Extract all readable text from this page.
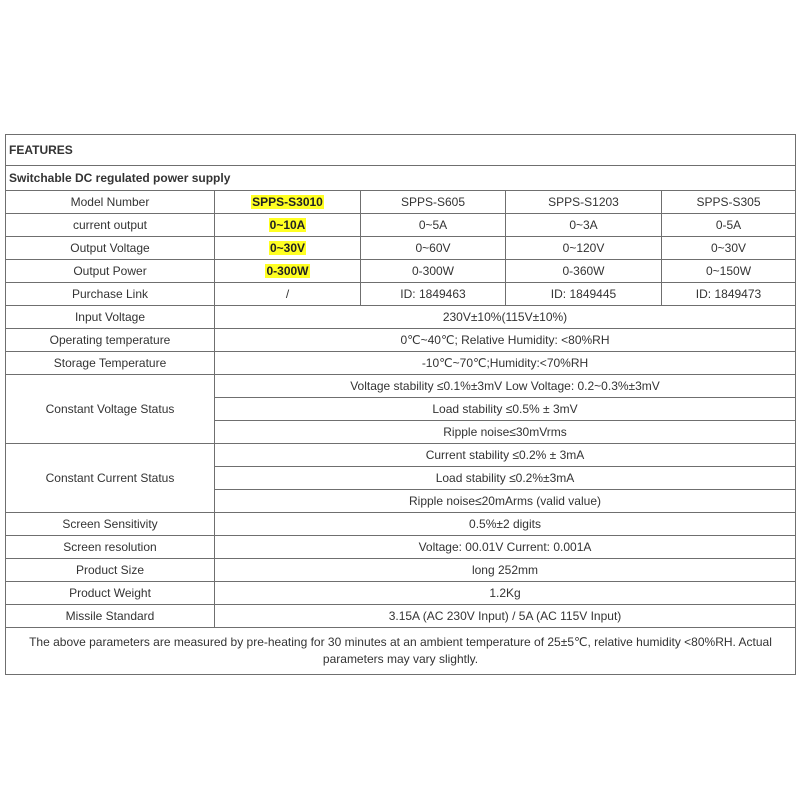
FEATURES				
Switchable DC regulated power supply				
Model Number	SPPS-S3010	SPPS-S605	SPPS-S1203	SPPS-S305
current output	0~10A	0~5A	0~3A	0-5A
Output Voltage	0~30V	0~60V	0~120V	0~30V
Output Power	0-300W	0-300W	0-360W	0~150W
Purchase Link	/	ID: 1849463	ID: 1849445	ID: 1849473
Input Voltage	230V±10%(115V±10%)			
Operating temperature	0℃~40℃; Relative Humidity: <80%RH			
Storage Temperature	-10℃~70℃;Humidity:<70%RH			
Constant Voltage Status	Voltage stability ≤0.1%±3mV Low Voltage: 0.2~0.3%±3mV			
	Load stability ≤0.5% ± 3mV			
	Ripple noise≤30mVrms			
Constant Current Status	Current stability ≤0.2% ± 3mA			
	Load stability ≤0.2%±3mA			
	Ripple noise≤20mArms (valid value)			
Screen Sensitivity	0.5%±2 digits			
Screen resolution	Voltage: 00.01V Current: 0.001A			
Product Size	long 252mm			
Product Weight	1.2Kg			
Missile Standard	3.15A (AC 230V Input) / 5A (AC 115V Input)			
The above parameters are measured by pre-heating for 30 minutes at an ambient temperature of 25±5℃, relative humidity <80%RH. Actual parameters may vary slightly.				
